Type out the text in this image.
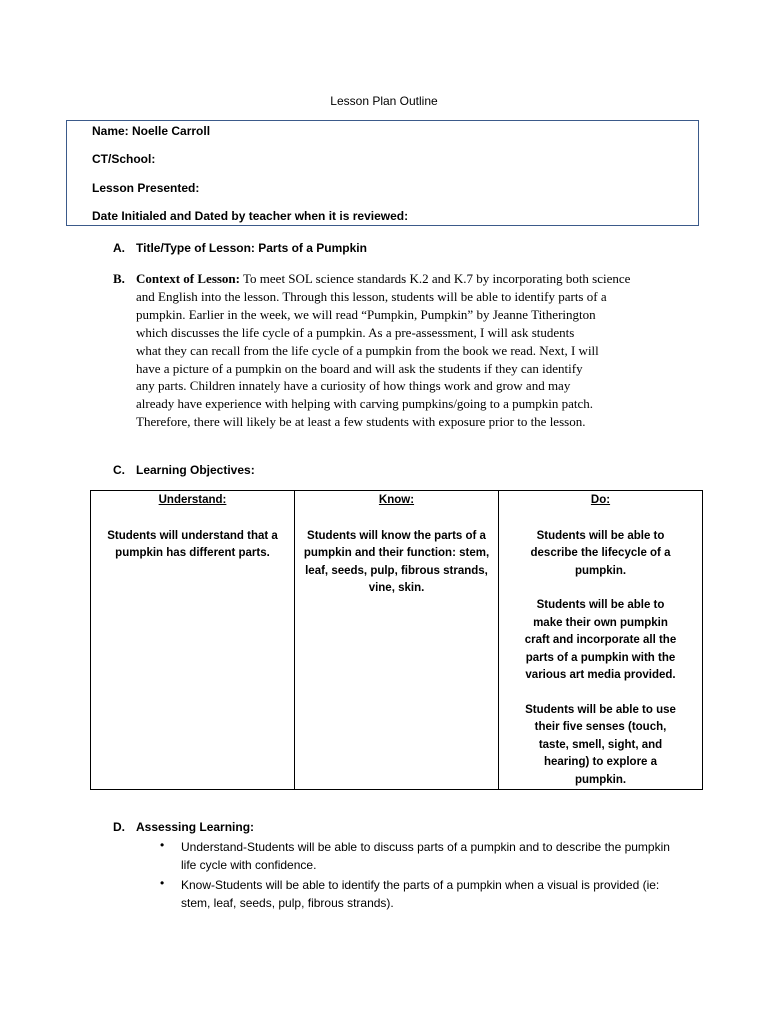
Lesson Plan Outline
Name: Noelle Carroll
CT/School:
Lesson Presented:
Date Initialed and Dated by teacher when it is reviewed:
A. Title/Type of Lesson: Parts of a Pumpkin
B. Context of Lesson: To meet SOL science standards K.2 and K.7 by incorporating both science
and English into the lesson. Through this lesson, students will be able to identify parts of a
pumpkin. Earlier in the week, we will read “Pumpkin, Pumpkin” by Jeanne Titherington
which discusses the life cycle of a pumpkin. As a pre-assessment, I will ask students
what they can recall from the life cycle of a pumpkin from the book we read. Next, I will
have a picture of a pumpkin on the board and will ask the students if they can identify
any parts. Children innately have a curiosity of how things work and grow and may
already have experience with helping with carving pumpkins/going to a pumpkin patch.
Therefore, there will likely be at least a few students with exposure prior to the lesson.
C. Learning Objectives:
Understand:
Students will understand that a pumpkin has different parts.

Know:
Students will know the parts of a pumpkin and their function: stem, leaf, seeds, pulp, fibrous strands, vine, skin.

Do:
Students will be able to describe the lifecycle of a pumpkin.
Students will be able to make their own pumpkin craft and incorporate all the parts of a pumpkin with the various art media provided.
Students will be able to use their five senses (touch, taste, smell, sight, and hearing) to explore a pumpkin.
D. Assessing Learning:
• Understand-Students will be able to discuss parts of a pumpkin and to describe the pumpkin life cycle with confidence.
• Know-Students will be able to identify the parts of a pumpkin when a visual is provided (ie: stem, leaf, seeds, pulp, fibrous strands).
